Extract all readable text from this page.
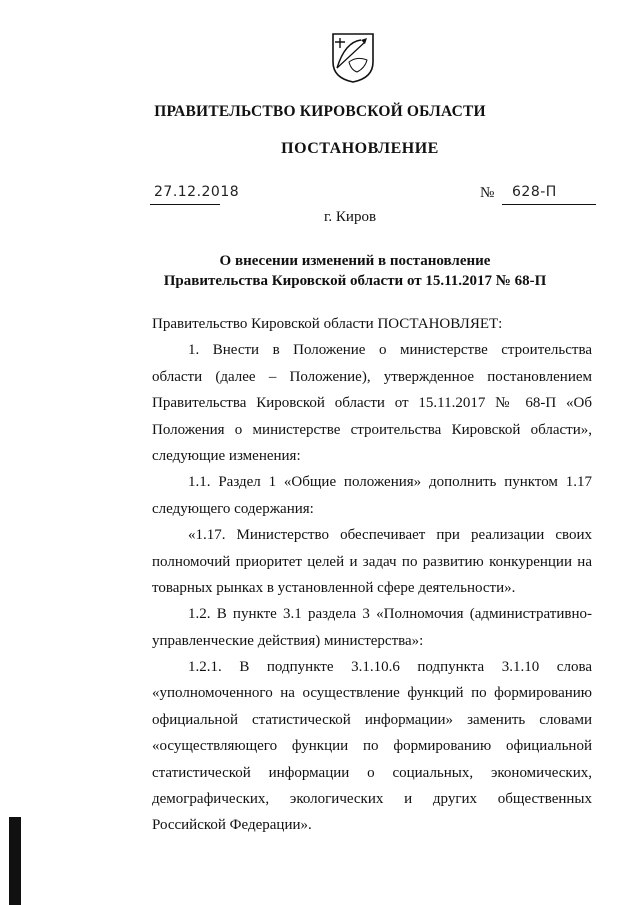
ПРАВИТЕЛЬСТВО КИРОВСКОЙ ОБЛАСТИ
ПОСТАНОВЛЕНИЕ
27.12.2018	№ 628-П
г. Киров
О внесении изменений в постановление
Правительства Кировской области от 15.11.2017 № 68-П
Правительство Кировской области ПОСТАНОВЛЯЕТ:
1. Внести в Положение о министерстве строительства
области (далее – Положение), утвержденное постановлением
Правительства Кировской области от 15.11.2017 № 68-П «Об
Положения о министерстве строительства Кировской области»,
следующие изменения:
1.1. Раздел 1 «Общие положения» дополнить пунктом 1.17
следующего содержания:
«1.17. Министерство обеспечивает при реализации своих
полномочий приоритет целей и задач по развитию конкуренции на
товарных рынках в установленной сфере деятельности».
1.2. В пункте 3.1 раздела 3 «Полномочия (административно-
управленческие действия) министерства»:
1.2.1. В подпункте 3.1.10.6 подпункта 3.1.10 слова
«уполномоченного на осуществление функций по формированию
официальной статистической информации» заменить словами
«осуществляющего функции по формированию официальной
статистической информации о социальных, экономических,
демографических, экологических и других общественных
Российской Федерации».
